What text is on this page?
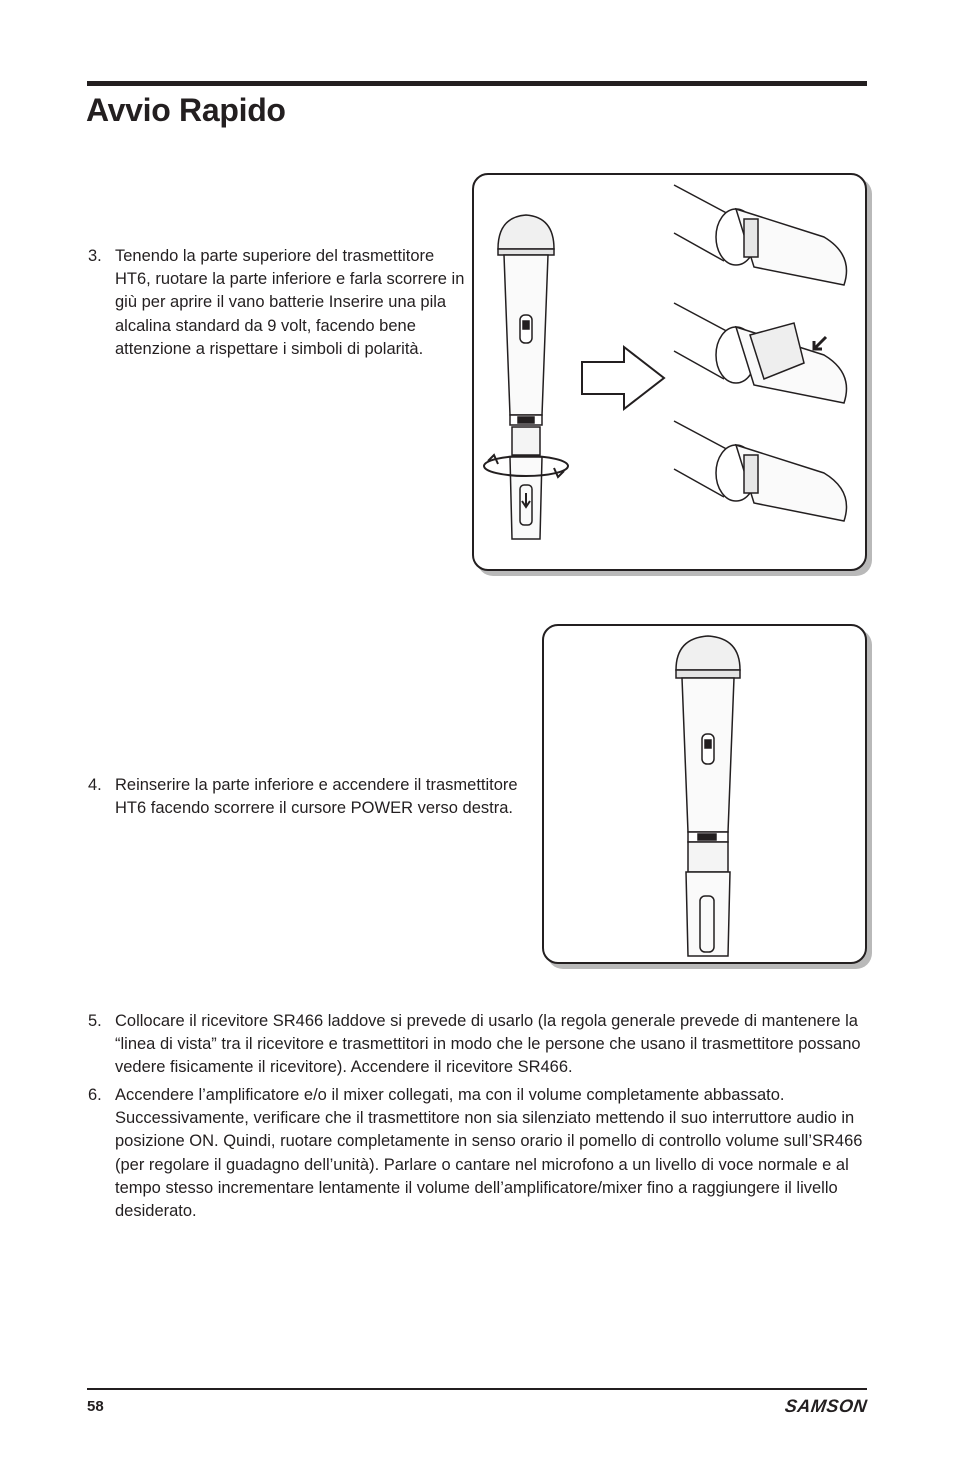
Avvio Rapido
3. Tenendo la parte superiore del trasmettitore HT6, ruotare la parte inferiore e farla scorrere in giù per aprire il vano batterie Inserire una pila alcalina standard da 9 volt, facendo bene attenzione a rispettare i simboli di polarità.
4. Reinserire la parte inferiore e accendere il trasmettitore HT6 facendo scorrere il cursore POWER verso destra.
5. Collocare il ricevitore SR466 laddove si prevede di usarlo (la regola generale prevede di mantenere la “linea di vista” tra il ricevitore e trasmettitori in modo che le persone che usano il trasmettitore possano vedere fisicamente il ricevitore). Accendere il ricevitore SR466.
6. Accendere l’amplificatore e/o il mixer collegati, ma con il volume completamente abbassato. Successivamente, verificare che il trasmettitore non sia silenziato mettendo il suo interruttore audio in posizione ON. Quindi, ruotare completamente in senso orario il pomello di controllo volume sull’SR466 (per regolare il guadagno dell’unità). Parlare o cantare nel microfono a un livello di voce normale e al tempo stesso incrementare lentamente il volume dell’amplificatore/mixer fino a raggiungere il livello desiderato.
58	SAMSON
